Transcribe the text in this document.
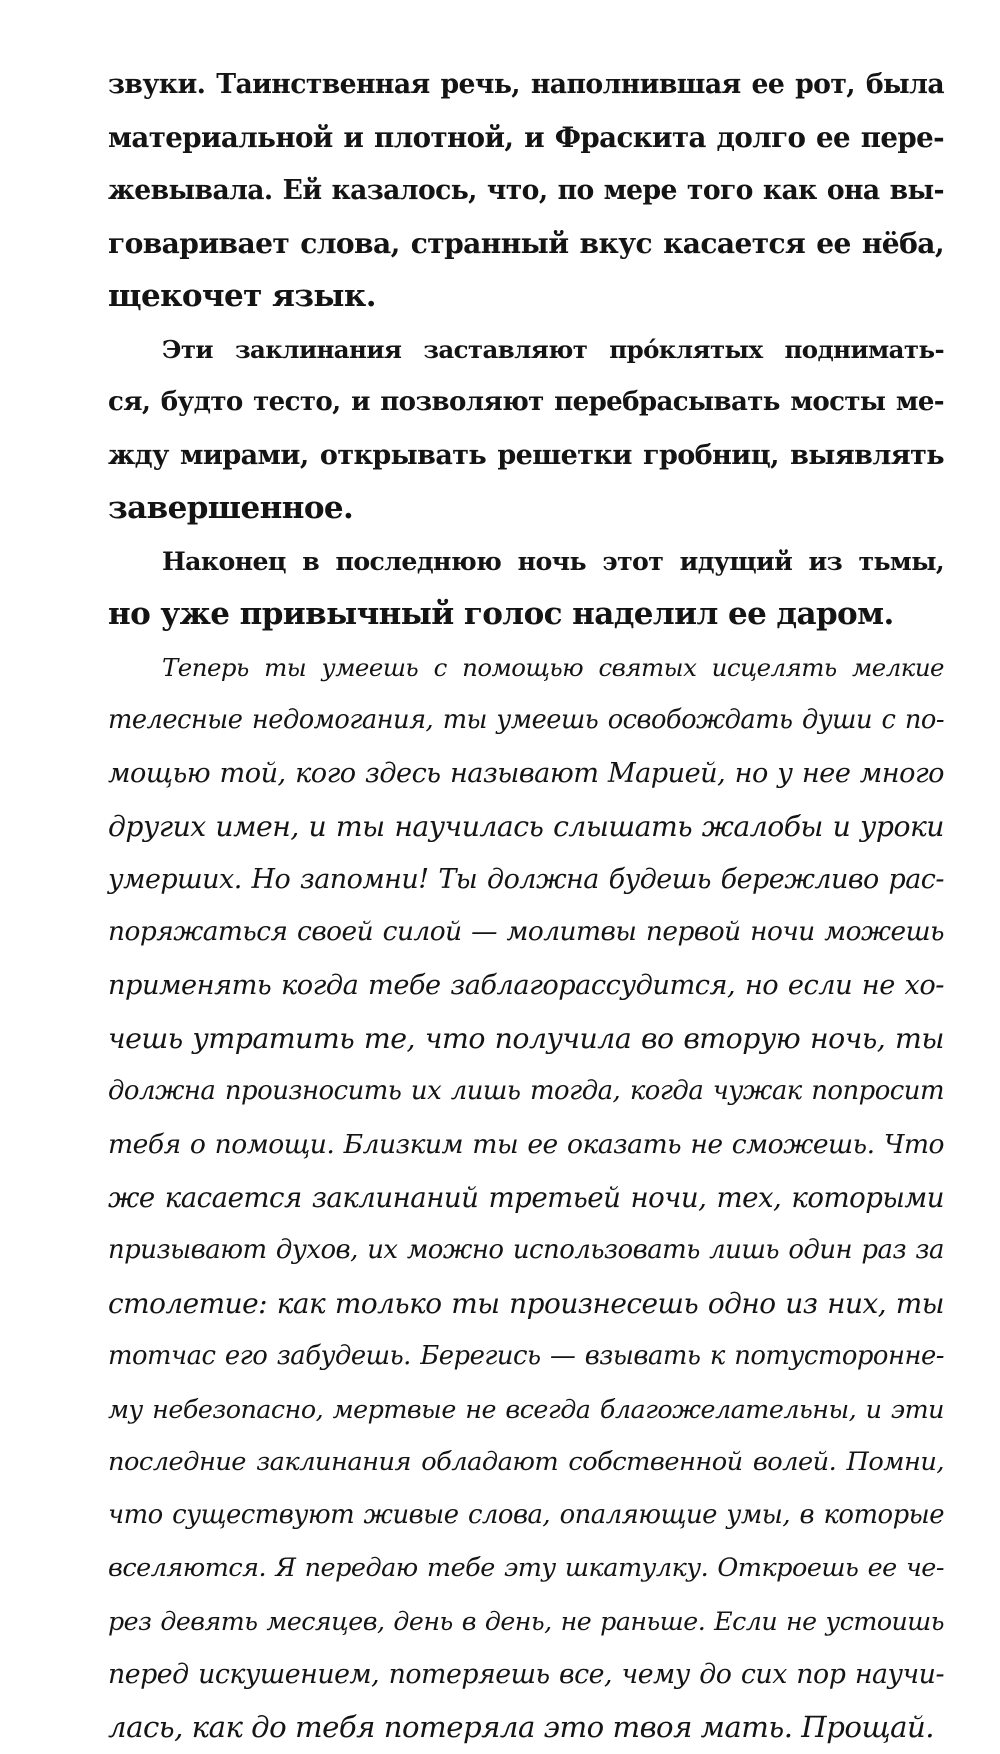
звуки. Таинственная речь, наполнившая ее рот, была
материальной и плотной, и Фраскита долго ее пере-
жевывала. Ей казалось, что, по мере того как она вы-
говаривает слова, странный вкус касается ее нёба,
щекочет язык.
Эти заклинания заставляют прóклятых поднимать-
ся, будто тесто, и позволяют перебрасывать мосты ме-
жду мирами, открывать решетки гробниц, выявлять
завершенное.
Наконец в последнюю ночь этот идущий из тьмы,
но уже привычный голос наделил ее даром.
Теперь ты умеешь с помощью святых исцелять мелкие
телесные недомогания, ты умеешь освобождать души с по-
мощью той, кого здесь называют Марией, но у нее много
других имен, и ты научилась слышать жалобы и уроки
умерших. Но запомни! Ты должна будешь бережливо рас-
поряжаться своей силой — молитвы первой ночи можешь
применять когда тебе заблагорассудится, но если не хо-
чешь утратить те, что получила во вторую ночь, ты
должна произносить их лишь тогда, когда чужак попросит
тебя о помощи. Близким ты ее оказать не сможешь. Что
же касается заклинаний третьей ночи, тех, которыми
призывают духов, их можно использовать лишь один раз за
столетие: как только ты произнесешь одно из них, ты
тотчас его забудешь. Берегись — взывать к потусторонне-
му небезопасно, мертвые не всегда благожелательны, и эти
последние заклинания обладают собственной волей. Помни,
что существуют живые слова, опаляющие умы, в которые
вселяются. Я передаю тебе эту шкатулку. Откроешь ее че-
рез девять месяцев, день в день, не раньше. Если не устоишь
перед искушением, потеряешь все, чему до сих пор научи-
лась, как до тебя потеряла это твоя мать. Прощай.
